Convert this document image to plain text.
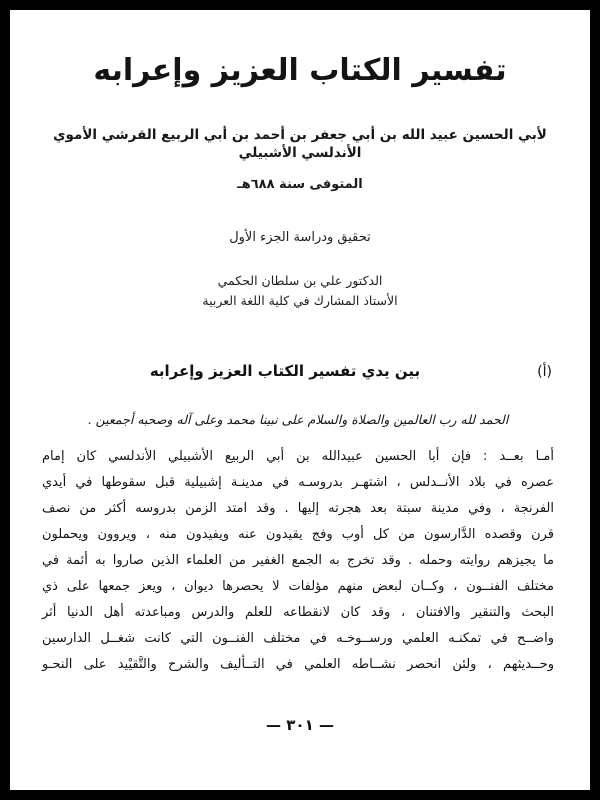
تفسير الكتاب العزيز وإعرابه
لأبي الحسين عبيد الله بن أبي جعفر بن أحمد بن أبي الربيع القرشي الأموي الأندلسي الأشبيلي
المتوفى سنة ٦٨٨هـ
تحقيق ودراسة الجزء الأول
الدكتور علي بن سلطان الحكمي
الأستاذ المشارك في كلية اللغة العربية
(أ)
بين يدي تفسير الكتاب العزيز وإعرابه
الحمد لله رب العالمين والصلاة والسلام على نبينا محمد وعلى آله وصحبه أجمعين .
أمـا بعــد : فإن أبا الحسين عبيدالله بن أبي الربيع الأشبيلي الأندلسي كان إمام
عصره في بلاد الأنــدلس ، اشتهـر بدروسـه في مدينـة إشبيلية قبل سقوطها في أيدي
الفرنجة ، وفي مدينة سبتة بعد هجرته إليها . وقد امتد الزمن بدروسه أكثر من نصف
قرن وقصده الدَّارسون من كل أوب وفج يقيدون عنه ويفيدون منه ، ويروون ويحملون
ما يجيزهم روايته وحمله . وقد تخرج به الجمع الغفير من العلماء الذين صاروا به أئمة في
مختلف الفنــون ، وكــان لبعض منهم مؤلفات لا يحصرها ديوان ، ويعز جمعها على ذي
البحث والتنقير والافتنان ، وقد كان لانقطاعه للعلم والدرس ومباعدته أهل الدنيا أثر
واضــح في تمكنـه العلمي ورســوخـه في مختلف الفنــون التي كانت شغــل الدارسين
وحــديثهم ، ولئن انحصر نشــاطه العلمي في التــأليف والشرح والتَّقيْيد على النحـو
— ٣٠١ —
